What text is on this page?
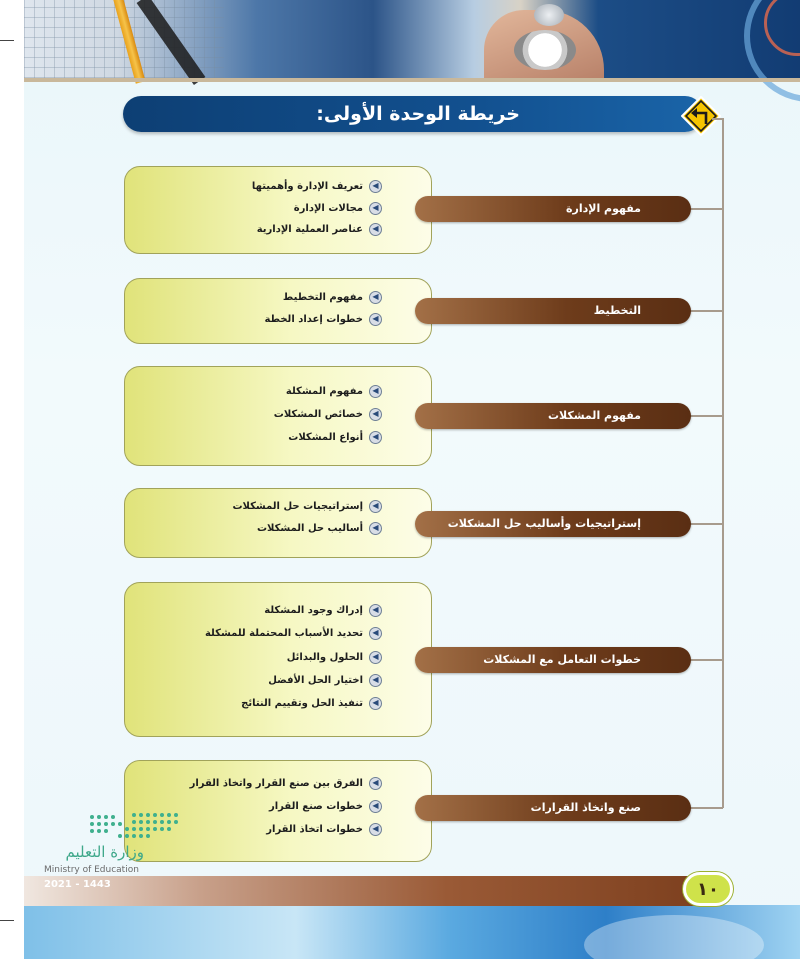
خريطة الوحدة الأولى:
مفهوم الإدارة
◀
تعريف الإدارة وأهميتها
◀
مجالات الإدارة
◀
عناصر العملية الإدارية
التخطيط
◀
مفهوم التخطيط
◀
خطوات إعداد الخطة
مفهوم المشكلات
◀
مفهوم المشكلة
◀
خصائص المشكلات
◀
أنواع المشكلات
إستراتيجيات وأساليب حل المشكلات
◀
إستراتيجيات حل المشكلات
◀
أساليب حل المشكلات
خطوات التعامل مع المشكلات
◀
إدراك وجود المشكلة
◀
تحديد الأسباب المحتملة للمشكلة
◀
الحلول والبدائل
◀
اختيار الحل الأفضل
◀
تنفيذ الحل وتقييم النتائج
صنع واتخاذ القرارات
◀
الفرق بين صنع القرار واتخاذ القرار
◀
خطوات صنع القرار
◀
خطوات اتخاذ القرار
١٠
وزارة التعليم
Ministry of Education
2021 - 1443
